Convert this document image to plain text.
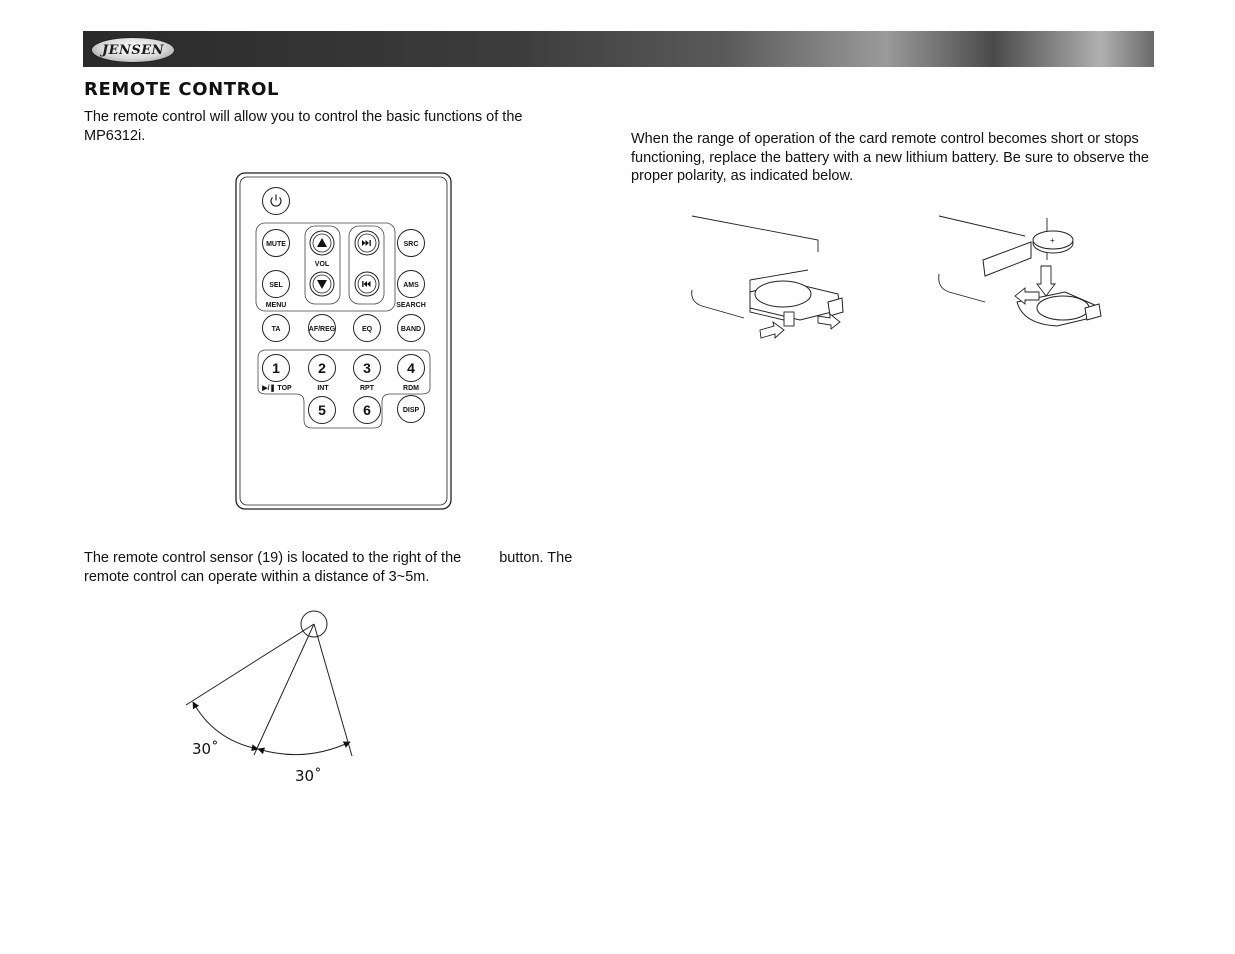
JENSEN
REMOTE CONTROL

The remote control will allow you to control the basic functions of the MP6312i.	When the range of operation of the card remote control becomes short or stops functioning, replace the battery with a new lithium battery. Be sure to observe the proper polarity, as indicated below.

The remote control sensor (19) is located to the right of the	button. The remote control can operate within a distance of 3~5m.

MUTE	SRC
VOL
SEL	AMS
MENU	SEARCH
TA	AF/REG	EQ	BAND
1	2	3	4
▶/❚ TOP	INT	RPT	RDM
5	6	DISP
30˚
30˚
+
